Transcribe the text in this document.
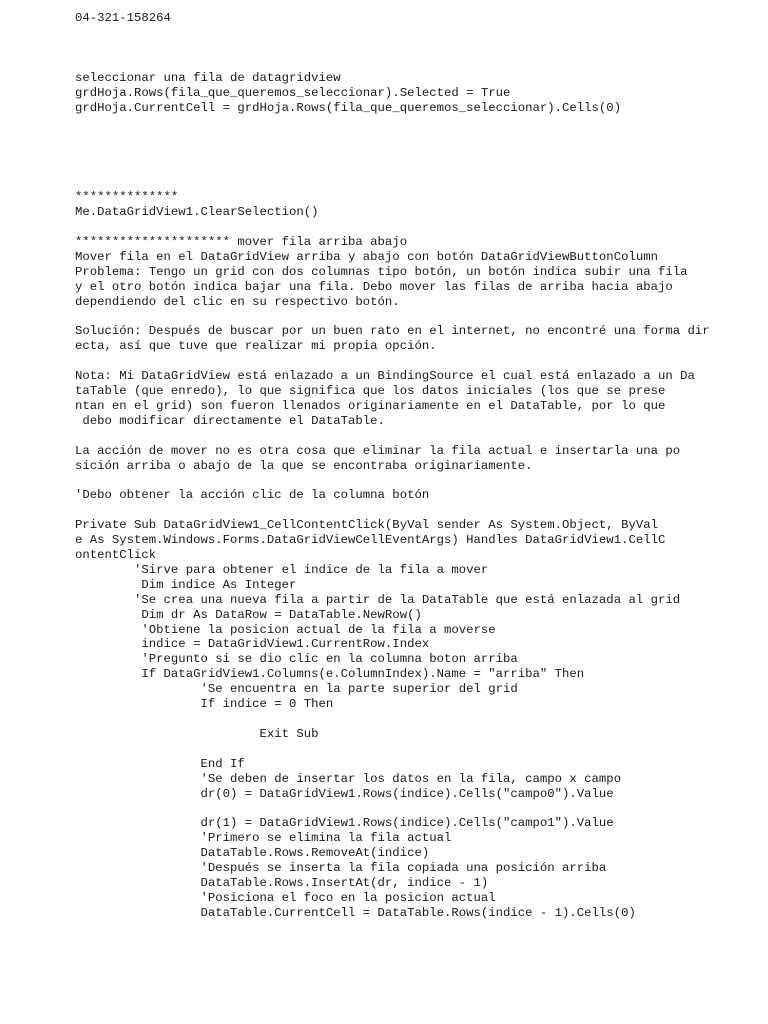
04-321-158264
seleccionar una fila de datagridview
grdHoja.Rows(fila_que_queremos_seleccionar).Selected = True
grdHoja.CurrentCell = grdHoja.Rows(fila_que_queremos_seleccionar).Cells(0)
**************
Me.DataGridView1.ClearSelection()
********************* mover fila arriba abajo
Mover fila en el DataGridView arriba y abajo con botón DataGridViewButtonColumn
Problema: Tengo un grid con dos columnas tipo botón, un botón indica subir una fila
y el otro botón indica bajar una fila. Debo mover las filas de arriba hacia abajo
dependiendo del clic en su respectivo botón.
Solución: Después de buscar por un buen rato en el internet, no encontré una forma dir
ecta, así que tuve que realizar mi propia opción.
Nota: Mi DataGridView está enlazado a un BindingSource el cual está enlazado a un Da
taTable (que enredo), lo que significa que los datos iniciales (los que se prese
ntan en el grid) son fueron llenados originariamente en el DataTable, por lo que
debo modificar directamente el DataTable.
La acción de mover no es otra cosa que eliminar la fila actual e insertarla una po
sición arriba o abajo de la que se encontraba originariamente.
'Debo obtener la acción clic de la columna botón
Private Sub DataGridView1_CellContentClick(ByVal sender As System.Object, ByVal
e As System.Windows.Forms.DataGridViewCellEventArgs) Handles DataGridView1.CellC
ontentClick
'Sirve para obtener el indice de la fila a mover
Dim indice As Integer
'Se crea una nueva fila a partir de la DataTable que está enlazada al grid
Dim dr As DataRow = DataTable.NewRow()
'Obtiene la posicion actual de la fila a moverse
indice = DataGridView1.CurrentRow.Index
'Pregunto si se dio clic en la columna boton arriba
If DataGridView1.Columns(e.ColumnIndex).Name = "arriba" Then
'Se encuentra en la parte superior del grid
If indice = 0 Then
Exit Sub
End If
'Se deben de insertar los datos en la fila, campo x campo
dr(0) = DataGridView1.Rows(indice).Cells("campo0").Value
dr(1) = DataGridView1.Rows(indice).Cells("campo1").Value
'Primero se elimina la fila actual
DataTable.Rows.RemoveAt(indice)
'Después se inserta la fila copiada una posición arriba
DataTable.Rows.InsertAt(dr, indice - 1)
'Posiciona el foco en la posicion actual
DataTable.CurrentCell = DataTable.Rows(indice - 1).Cells(0)
